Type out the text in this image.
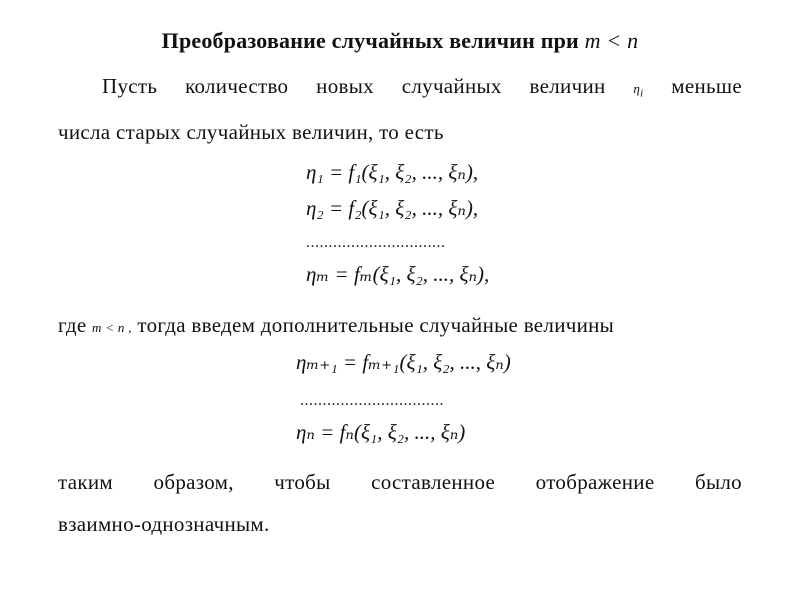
Преобразование случайных величин при m < n
Пусть количество новых случайных величин $\eta_i$ меньше
числа старых случайных величин, то есть
η₁ = f₁(ξ₁, ξ₂, ..., ξₙ),
η₂ = f₂(ξ₁, ξ₂, ..., ξₙ),
...............................
ηₘ = fₘ(ξ₁, ξ₂, ..., ξₙ),
где m < n , тогда введем дополнительные случайные величины
ηₘ₊₁ = fₘ₊₁(ξ₁, ξ₂, ..., ξₙ)
................................
ηₙ = fₙ(ξ₁, ξ₂, ..., ξₙ)
таким образом, чтобы составленное отображение было
взаимно-однозначным.
